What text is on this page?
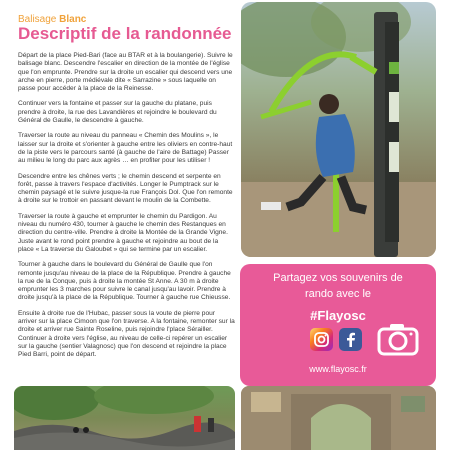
Balisage Blanc
Descriptif de la randonnée

Départ de la place Pied-Bari (face au BTAR et à la boulangerie). Suivre le balisage blanc. Descendre l'escalier en direction de la montée de l'église que l'on emprunte. Prendre sur la droite un escalier qui descend vers une arche en pierre, porte médiévale dite « Sarrazine » sous laquelle on passe pour accéder à la place de la Reinesse.

Continuer vers la fontaine et passer sur la gauche du platane, puis prendre à droite, la rue des Lavandières et rejoindre le boulevard du Général de Gaulle, le descendre à gauche.

Traverser la route au niveau du panneau « Chemin des Moulins », le laisser sur la droite et s'orienter à gauche entre les oliviers en contre-haut de la piste vers le parcours santé (à gauche de l'aire de Battage) Passer au milieu le long du parc aux agrès … en profiter pour les utiliser !

Descendre entre les chênes verts ; le chemin descend et serpente en forêt, passe à travers l'espace d'activités. Longer le Pumptrack sur le chemin paysagé et le suivre jusque-la rue François Dol. Que l'on remonte à droite sur le trottoir en passant devant le moulin de la Combette.

Traverser la route à gauche et emprunter le chemin du Pardigon. Au niveau du numéro 430, tourner à gauche le chemin des Restanques en direction du centre-ville. Prendre à droite la Montée de la Grande Vigne. Juste avant le rond point prendre à gauche et rejoindre au bout de la place « La traverse du Galoubet » qui se termine par un escalier.

Tourner à gauche dans le boulevard du Général de Gaulle que l'on remonte jusqu'au niveau de la place de la République. Prendre à gauche la rue de la Conque, puis à droite la montée St Anne. A 30 m à droite emprunter les 3 marches pour suivre le canal jusqu'au lavoir. Prendre à droite jusqu'à la place de la République. Tourner à gauche rue Chieusse.

Ensuite à droite rue de l'Hubac, passer sous la voute de pierre pour arriver sur la place Cimoon que l'on traverse. A la fontaine, remonter sur la droite et arriver rue Sainte Roseline, puis rejoindre l'place Sérailler. Continuer à droite vers l'église, au niveau de celle-ci repérer un escalier sur la gauche (sentier Valagnosc) que l'on descend et rejoindre la place Pied Barri, point de départ.

Partagez vos souvenirs de
rando avec le
#Flayosc
www.flayosc.fr
